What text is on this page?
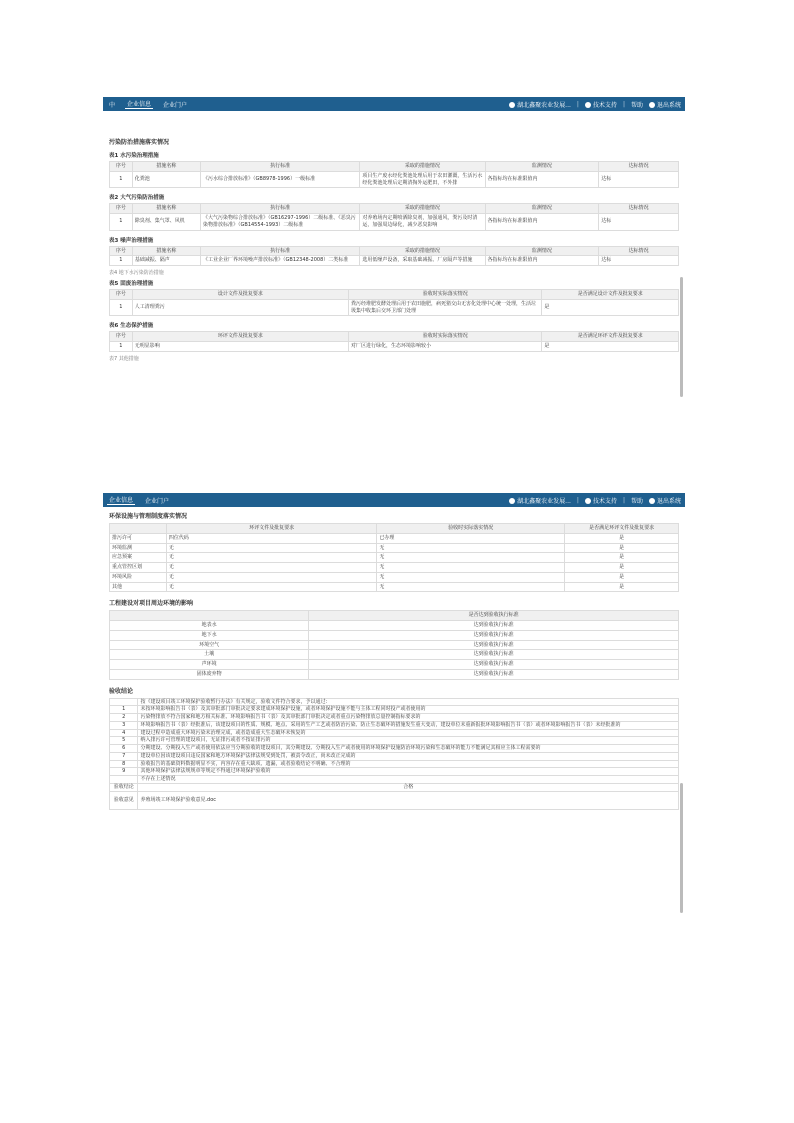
中	企业信息	企业门户	湖北鑫聚农业发展... |	技术支持 | 帮助	退出系统
污染防治措施落实情况
表1 水污染治理措施
序号	措施名称	执行标准	采取的措施情况	监测情况	达标情况
1	化粪池	《污水综合排放标准》（GB8978-1996）一级标准	项目生产废水经化粪池处理后用于农田灌溉，生活污水经化粪池处理后定期清掏外运肥田，不外排	各指标均在标准限值内	达标
表2 大气污染防治措施
序号	措施名称	执行标准	采取的措施情况	监测情况	达标情况
1	除臭剂、集气罩、风机	《大气污染物综合排放标准》（GB16297-1996）二级标准、《恶臭污染物排放标准》（GB14554-1993）二级标准	对养殖场内定期喷洒除臭剂，加强通风，粪污及时清运，加强周边绿化，减少恶臭影响	各指标均在标准限值内	达标
表3 噪声治理措施
序号	措施名称	执行标准	采取的措施情况	监测情况	达标情况
1	基础减振、隔声	《工业企业厂界环境噪声排放标准》（GB12348-2008）二类标准	选用低噪声设备，采取基础减振、厂房隔声等措施	各指标均在标准限值内	达标
表4 地下水污染防治措施
表5 固废治理措施
序号	设计文件及批复要求	验收时实际落实情况	是否满足设计文件及批复要求
1	人工清理粪污	粪污经堆肥发酵处理后用于农田施肥，病死猪交由无害化处理中心统一处理，生活垃圾集中收集后交环卫部门处理	是
表6 生态保护措施
序号	环评文件及批复要求	验收时实际落实情况	是否满足环评文件及批复要求
1	无明显影响	对厂区进行绿化，生态环境影响较小	是
表7 其他措施
企业信息	企业门户	湖北鑫聚农业发展... |	技术支持 | 帮助	退出系统
环保设施与管理制度落实情况
	环评文件及批复要求	验收时实际落实情况	是否满足环评文件及批复要求
排污许可	四位代码	已办理	是
环境监测	无	无	是
应急预案	无	无	是
重点管控区划	无	无	是
环境风险	无	无	是
其他	无	无	是
工程建设对项目周边环境的影响
	是否达到验收执行标准
地表水	达到验收执行标准
地下水	达到验收执行标准
环境空气	达到验收执行标准
土壤	达到验收执行标准
声环境	达到验收执行标准
固体废弃物	达到验收执行标准
验收结论
	按《建设项目竣工环境保护验收暂行办法》有关规定，验收文件符合要求，予以通过：
1	未按环境影响报告书（表）及其审批部门审批决定要求建成环境保护设施，或者环境保护设施不能与主体工程同时投产或者使用的
2	污染物排放不符合国家和地方相关标准、环境影响报告书（表）及其审批部门审批决定或者重点污染物排放总量控制指标要求的
3	环境影响报告书（表）经批准后，该建设项目的性质、规模、地点、采用的生产工艺或者防治污染、防止生态破坏的措施发生重大变动，建设单位未重新报批环境影响报告书（表）或者环境影响报告书（表）未经批准的
4	建设过程中造成重大环境污染未治理完成，或者造成重大生态破坏未恢复的
5	纳入排污许可管理的建设项目，无证排污或者不按证排污的
6	分期建设、分期投入生产或者使用依法应当分期验收的建设项目，其分期建设、分期投入生产或者使用的环境保护设施防治环境污染和生态破坏的能力不能满足其相应主体工程需要的
7	建设单位因该建设项目违反国家和地方环境保护法律法规受到处罚，被责令改正，尚未改正完成的
8	验收报告的基础资料数据明显不实，内容存在重大缺项、遗漏，或者验收结论不明确、不合理的
9	其他环境保护法律法规规章等规定不得通过环境保护验收的
	不存在上述情况
验收结论	合格
验收意见	养殖场竣工环境保护验收意见.doc
